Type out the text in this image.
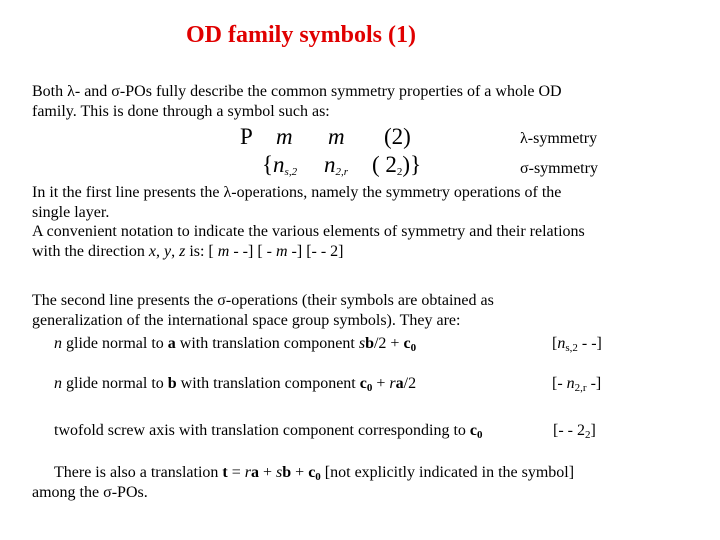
OD family symbols (1)
Both λ- and σ-POs fully describe the common symmetry properties of a whole OD
family. This is done through a symbol such as:
P m m (2)	λ-symmetry
{$n_{s,2}$ $n_{2,r}$ ( $2_2$)}	σ-symmetry
In it the first line presents the λ-operations, namely the symmetry operations of the
single layer.
A convenient notation to indicate the various elements of symmetry and their relations
with the direction x, y, z is: [ m - -] [ - m -] [- - 2]
The second line presents the σ-operations (their symbols are obtained as
generalization of the international space group symbols). They are:
n glide normal to a with translation component $sb/2 + c_0$	[$n_{s,2}$ - -]
n glide normal to b with translation component $c_0 + ra/2$	[- $n_{2,r}$ -]
twofold screw axis with translation component corresponding to $c_0$	[- - $2_2$]
There is also a translation t = ra + sb + $c_0$ [not explicitly indicated in the symbol]
among the σ-POs.
